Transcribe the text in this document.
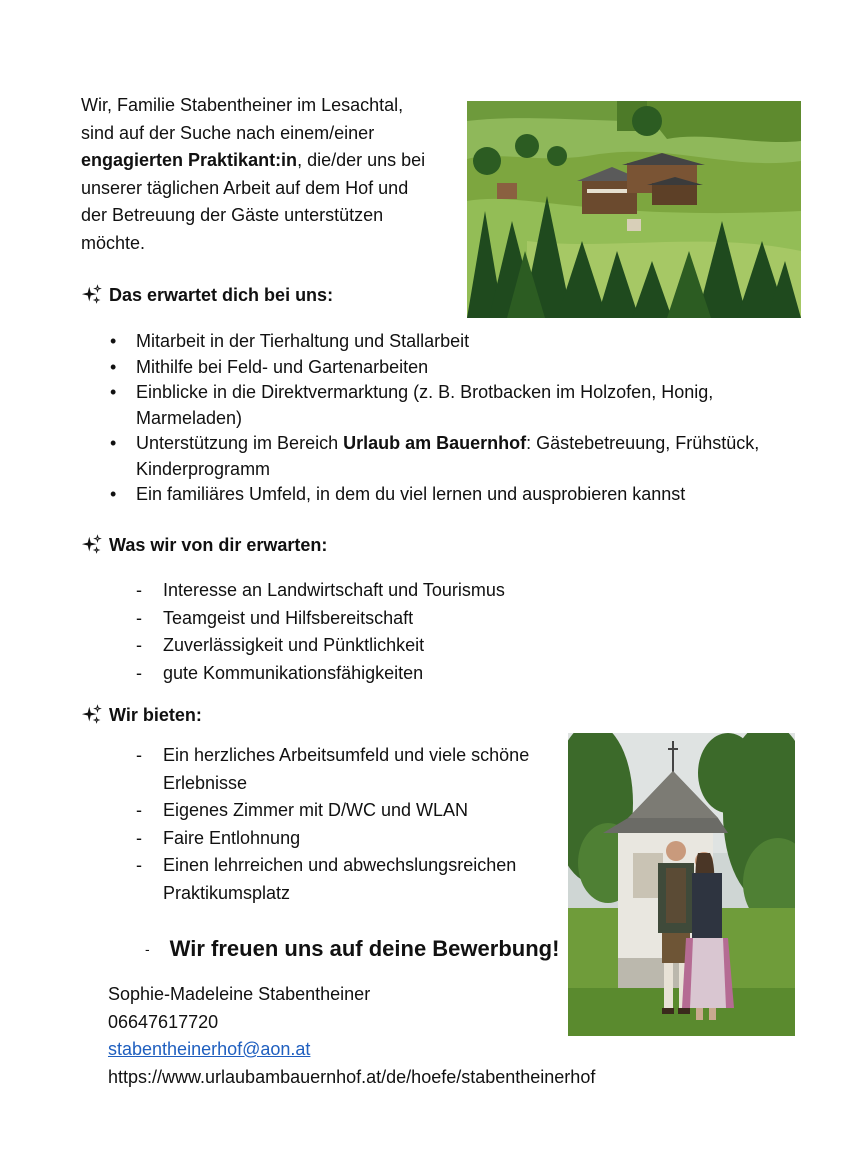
Wir, Familie Stabentheiner im Lesachtal,
sind auf der Suche nach einem/einer
engagierten Praktikant:in, die/der uns bei
unserer täglichen Arbeit auf dem Hof und
der Betreuung der Gäste unterstützen
möchte.
Das erwartet dich bei uns:
• Mitarbeit in der Tierhaltung und Stallarbeit
• Mithilfe bei Feld- und Gartenarbeiten
• Einblicke in die Direktvermarktung (z. B. Brotbacken im Holzofen, Honig, Marmeladen)
• Unterstützung im Bereich Urlaub am Bauernhof: Gästebetreuung, Frühstück, Kinderprogramm
• Ein familiäres Umfeld, in dem du viel lernen und ausprobieren kannst
Was wir von dir erwarten:
- Interesse an Landwirtschaft und Tourismus
- Teamgeist und Hilfsbereitschaft
- Zuverlässigkeit und Pünktlichkeit
- gute Kommunikationsfähigkeiten
Wir bieten:
- Ein herzliches Arbeitsumfeld und viele schöne Erlebnisse
- Eigenes Zimmer mit D/WC und WLAN
- Faire Entlohnung
- Einen lehrreichen und abwechslungsreichen Praktikumsplatz
- Wir freuen uns auf deine Bewerbung!
Sophie-Madeleine Stabentheiner
06647617720
stabentheinerhof@aon.at
https://www.urlaubambauernhof.at/de/hoefe/stabentheinerhof
